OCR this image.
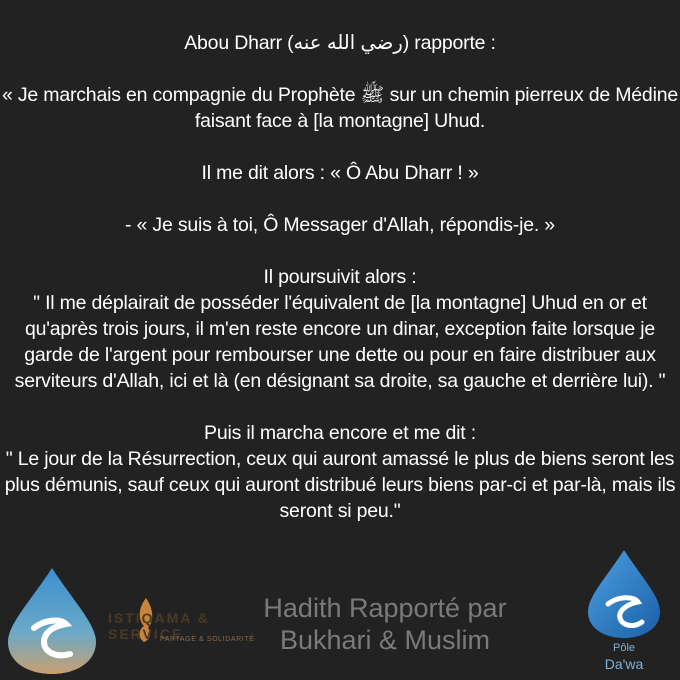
Abou Dharr (رضي الله عنه) rapporte :

« Je marchais en compagnie du Prophète ﷺ sur un chemin pierreux de Médine faisant face à [la montagne] Uhud.

Il me dit alors : « Ô Abu Dharr ! »

- « Je suis à toi, Ô Messager d'Allah, répondis-je. »

Il poursuivit alors :
" Il me déplairait de posséder l'équivalent de [la montagne] Uhud en or et qu'après trois jours, il m'en reste encore un dinar, exception faite lorsque je garde de l'argent pour rembourser une dette ou pour en faire distribuer aux serviteurs d'Allah, ici et là (en désignant sa droite, sa gauche et derrière lui). "

Puis il marcha encore et me dit :
" Le jour de la Résurrection, ceux qui auront amassé le plus de biens seront les plus démunis, sauf ceux qui auront distribué leurs biens par-ci et par-là, mais ils seront si peu."

ISTIQAMA & SERVICE
PARTAGE & SOLIDARITÉ
Hadith Rapporté par
Bukhari & Muslim	Pôle
Da'wa
